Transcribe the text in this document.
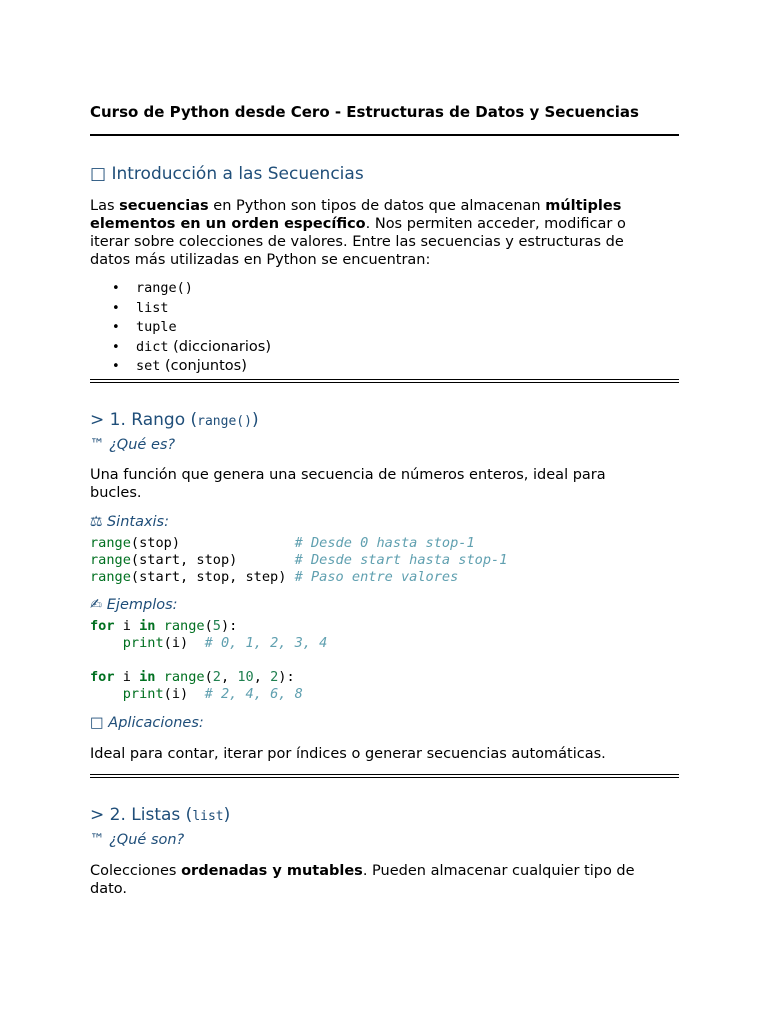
Curso de Python desde Cero - Estructuras de Datos y Secuencias
□ Introducción a las Secuencias

Las secuencias en Python son tipos de datos que almacenan múltiples elementos en un orden específico. Nos permiten acceder, modificar o iterar sobre colecciones de valores. Entre las secuencias y estructuras de datos más utilizadas en Python se encuentran:

• range()
• list
• tuple
• dict (diccionarios)
• set (conjuntos)
> 1. Rango (range())
™ ¿Qué es?

Una función que genera una secuencia de números enteros, ideal para bucles.

⚖ Sintaxis:
range(stop)              # Desde 0 hasta stop-1
range(start, stop)       # Desde start hasta stop-1
range(start, stop, step) # Paso entre valores
✍ Ejemplos:
for i in range(5):
print(i)  # 0, 1, 2, 3, 4
for i in range(2, 10, 2):
print(i)  # 2, 4, 6, 8
□ Aplicaciones:

Ideal para contar, iterar por índices o generar secuencias automáticas.

> 2. Listas (list)
™ ¿Qué son?

Colecciones ordenadas y mutables. Pueden almacenar cualquier tipo de dato.
